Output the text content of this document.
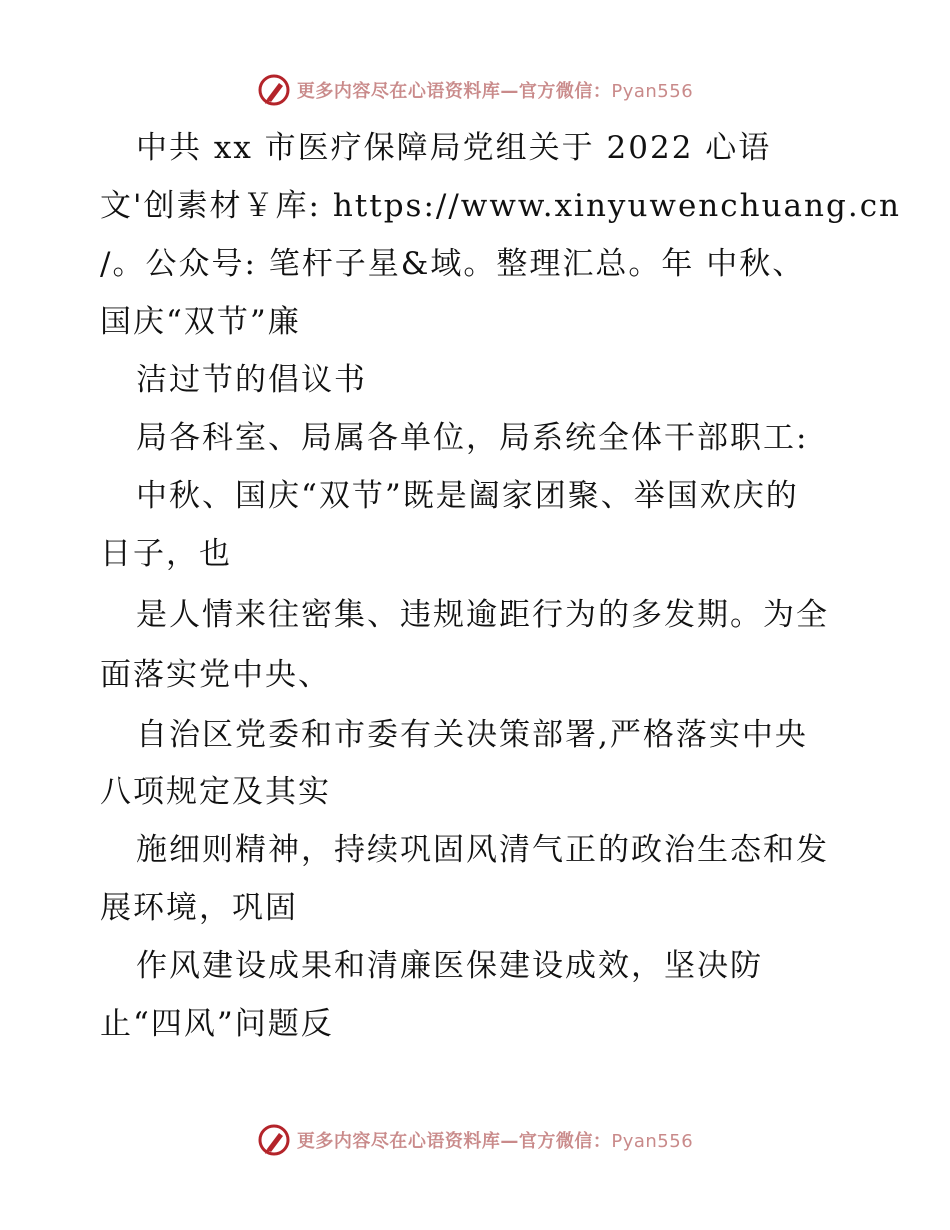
更多内容尽在心语资料库—官方微信：Pyan556
中共 xx 市医疗保障局党组关于 2022 心语
文'创素材￥库: https://www.xinyuwenchuang.cn
/。公众号: 笔杆子星&域。整理汇总。年 中秋、
国庆“双节”廉
洁过节的倡议书
局各科室、局属各单位，局系统全体干部职工:
中秋、国庆“双节”既是阖家团聚、举国欢庆的
日子，也
是人情来往密集、违规逾距行为的多发期。为全
面落实党中央、
自治区党委和市委有关决策部署,严格落实中央
八项规定及其实
施细则精神，持续巩固风清气正的政治生态和发
展环境，巩固
作风建设成果和清廉医保建设成效，坚决防
止“四风”问题反
更多内容尽在心语资料库—官方微信：Pyan556
